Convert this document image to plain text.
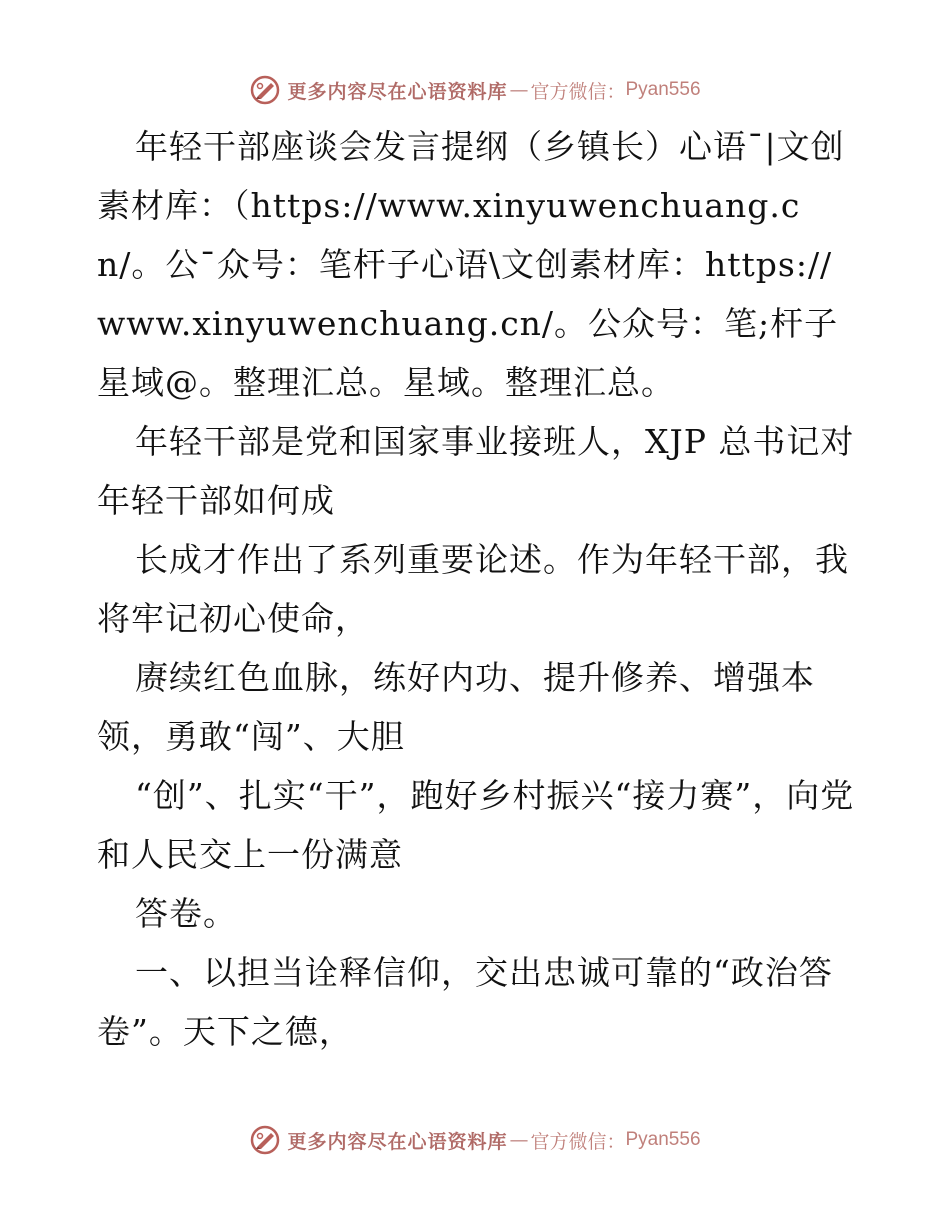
更多内容尽在心语资料库 — 官方微信： Pyan556

年轻干部座谈会发言提纲（乡镇长）心语¯|文创素材库：（https://www.xinyuwenchuang.cn/。公¯众号：笔杆子心语\文创素材库：https://www.xinyuwenchuang.cn/。公众号：笔;杆子星域@。整理汇总。星域。整理汇总。

年轻干部是党和国家事业接班人，XJP 总书记对年轻干部如何成

长成才作出了系列重要论述。作为年轻干部，我将牢记初心使命，

赓续红色血脉，练好内功、提升修养、增强本领，勇敢“闯”、大胆

“创”、扎实“干”，跑好乡村振兴“接力赛”，向党和人民交上一份满意

答卷。

一、以担当诠释信仰，交出忠诚可靠的“政治答卷”。天下之德，

更多内容尽在心语资料库 — 官方微信： Pyan556
